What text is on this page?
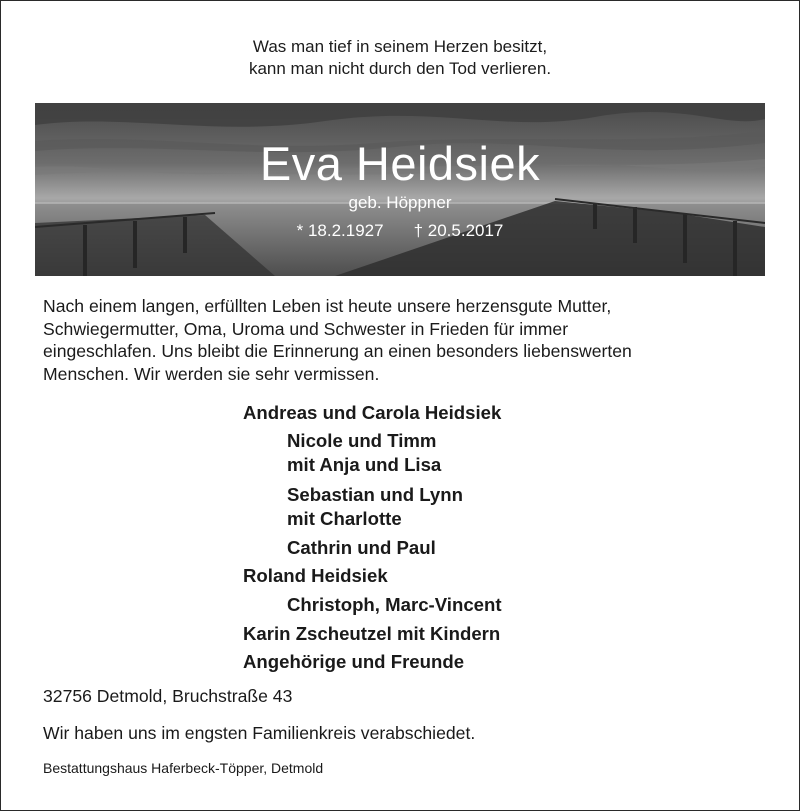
Was man tief in seinem Herzen besitzt,
kann man nicht durch den Tod verlieren.
Eva Heidsiek
geb. Höppner
* 18.2.1927 † 20.5.2017
Nach einem langen, erfüllten Leben ist heute unsere herzensgute Mutter,
Schwiegermutter, Oma, Uroma und Schwester in Frieden für immer
eingeschlafen. Uns bleibt die Erinnerung an einen besonders liebenswerten
Menschen. Wir werden sie sehr vermissen.
Andreas und Carola Heidsiek
Nicole und Timm
mit Anja und Lisa
Sebastian und Lynn
mit Charlotte
Cathrin und Paul
Roland Heidsiek
Christoph, Marc-Vincent
Karin Zscheutzel mit Kindern
Angehörige und Freunde
32756 Detmold, Bruchstraße 43
Wir haben uns im engsten Familienkreis verabschiedet.
Bestattungshaus Haferbeck-Töpper, Detmold
